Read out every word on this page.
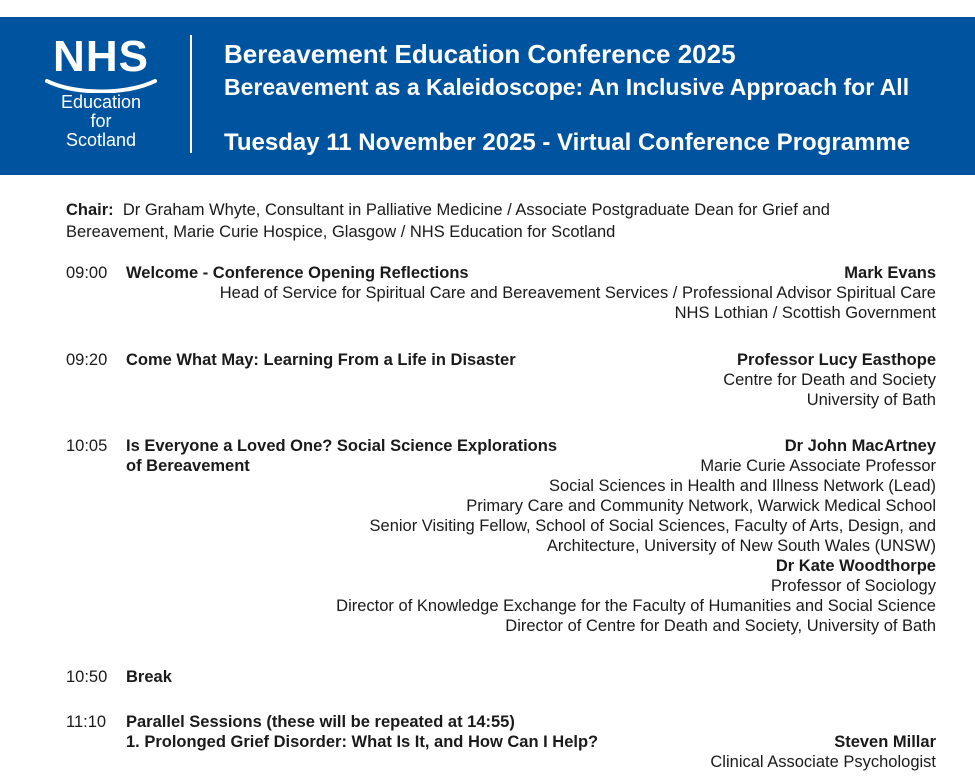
NHS
Education
for
Scotland
Bereavement Education Conference 2025
Bereavement as a Kaleidoscope: An Inclusive Approach for All
Tuesday 11 November 2025 - Virtual Conference Programme
Chair: Dr Graham Whyte, Consultant in Palliative Medicine / Associate Postgraduate Dean for Grief and Bereavement, Marie Curie Hospice, Glasgow / NHS Education for Scotland
09:00 Welcome - Conference Opening Reflections	Mark Evans
Head of Service for Spiritual Care and Bereavement Services / Professional Advisor Spiritual Care
NHS Lothian / Scottish Government
09:20 Come What May: Learning From a Life in Disaster	Professor Lucy Easthope
Centre for Death and Society
University of Bath
10:05 Is Everyone a Loved One? Social Science Explorations
of Bereavement
Dr John MacArtney
Marie Curie Associate Professor
Social Sciences in Health and Illness Network (Lead)
Primary Care and Community Network, Warwick Medical School
Senior Visiting Fellow, School of Social Sciences, Faculty of Arts, Design, and
Architecture, University of New South Wales (UNSW)
Dr Kate Woodthorpe
Professor of Sociology
Director of Knowledge Exchange for the Faculty of Humanities and Social Science
Director of Centre for Death and Society, University of Bath
10:50 Break
11:10 Parallel Sessions (these will be repeated at 14:55)
1. Prolonged Grief Disorder: What Is It, and How Can I Help?	Steven Millar
Clinical Associate Psychologist
